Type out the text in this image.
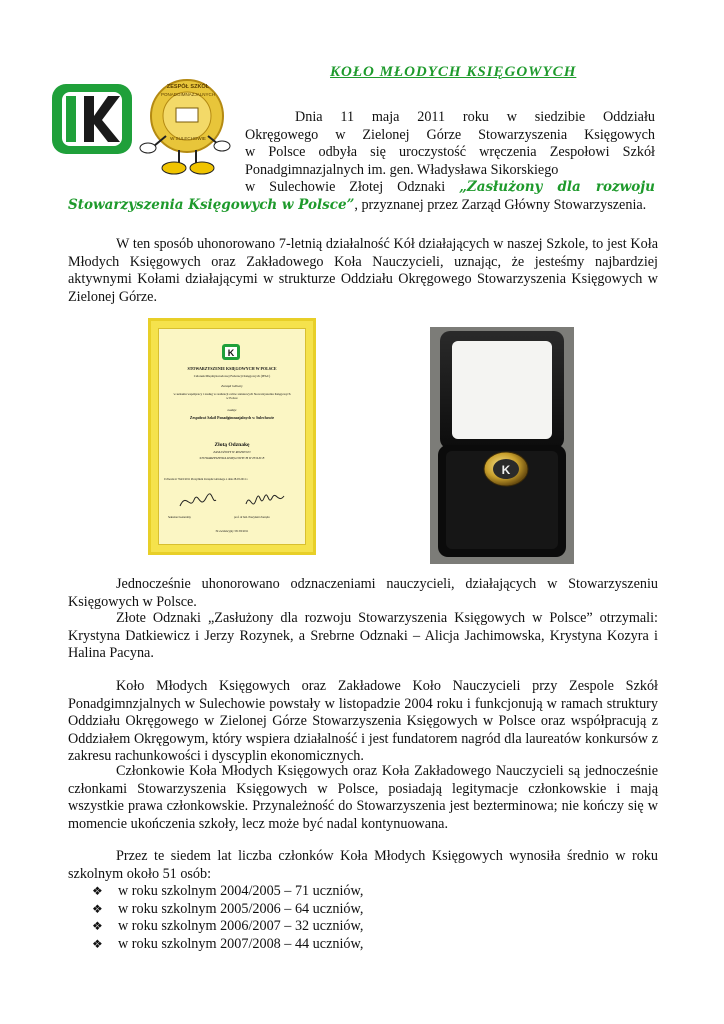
KOŁO MŁODYCH KSIĘGOWYCH
ZESPÓŁ SZKÓŁ
PONADGIMNAZJALNYCH
W SULECHOWIE
Dnia 11 maja 2011 roku w siedzibie Oddziału
Okręgowego w Zielonej Górze Stowarzyszenia Księgowych
w Polsce odbyła się uroczystość wręczenia Zespołowi Szkół
Ponadgimnazjalnych im. gen. Władysława Sikorskiego
w Sulechowie Złotej Odznaki „Zasłużony dla rozwoju
Stowarzyszenia Księgowych w Polsce”, przyznanej przez Zarząd Główny Stowarzyszenia.
W ten sposób uhonorowano 7-letnią działalność Kół działających w naszej Szkole, to jest Koła Młodych Księgowych oraz Zakładowego Koła Nauczycieli, uznając, że jesteśmy najbardziej aktywnymi Kołami działającymi w strukturze Oddziału Okręgowego Stowarzyszenia Księgowych w Zielonej Górze.
K
STOWARZYSZENIE KSIĘGOWYCH W POLSCE
Członek Międzynarodowej Federacji Księgowych (IFAC)
Zarząd Główny
w uznaniu współpracy i zasług w realizacji celów statutowych Stowarzyszenia Księgowych w Polsce
nadaje
Zespołowi Szkół Ponadgimnazjalnych w Sulechowie
Złotą Odznakę
ZASŁUŻONY W ROZWOJU
STOWARZYSZENIA KSIĘGOWYCH W POLSCE
Uchwała nr 764/2/2011 Prezydium Zarządu Głównego z dnia 28.03.2011 r.
Sekretarz Generalny	prof. dr hab. Prezydent Zarządu
Nr ewidencyjny 3513/6/2011
K
Jednocześnie uhonorowano odznaczeniami nauczycieli, działających w Stowarzyszeniu Księgowych w Polsce.
Złote Odznaki „Zasłużony dla rozwoju Stowarzyszenia Księgowych w Polsce” otrzymali: Krystyna Datkiewicz i Jerzy Rozynek, a Srebrne Odznaki – Alicja Jachimowska, Krystyna Kozyra i Halina Pacyna.
Koło Młodych Księgowych oraz Zakładowe Koło Nauczycieli przy Zespole Szkół Ponadgimnzjalnych w Sulechowie powstały w listopadzie 2004 roku i funkcjonują w ramach struktury Oddziału Okręgowego w Zielonej Górze Stowarzyszenia Księgowych w Polsce oraz współpracują z Oddziałem Okręgowym, który wspiera działalność i jest fundatorem nagród dla laureatów konkursów z zakresu rachunkowości i dyscyplin ekonomicznych.
Członkowie Koła Młodych Księgowych oraz Koła Zakładowego Nauczycieli są jednocześnie członkami Stowarzyszenia Księgowych w Polsce, posiadają legitymacje członkowskie i mają wszystkie prawa członkowskie. Przynależność do Stowarzyszenia jest bezterminowa; nie kończy się w momencie ukończenia szkoły, lecz może być nadal kontynuowana.
Przez te siedem lat liczba członków Koła Młodych Księgowych wynosiła średnio w roku szkolnym około 51 osób:
❖ w roku szkolnym 2004/2005 – 71 uczniów,
❖ w roku szkolnym 2005/2006 – 64 uczniów,
❖ w roku szkolnym 2006/2007 – 32 uczniów,
❖ w roku szkolnym 2007/2008 – 44 uczniów,
